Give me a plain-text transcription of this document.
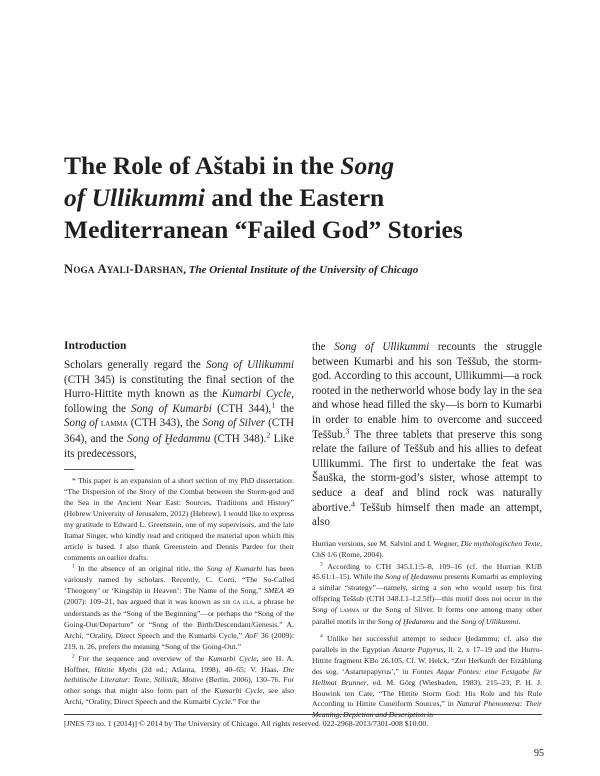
The Role of Aštabi in the Song
of Ullikummi and the Eastern
Mediterranean “Failed God” Stories
Noga Ayali-Darshan, The Oriental Institute of the University of Chicago
Introduction

Scholars generally regard the Song of Ullikummi (CTH 345) is constituting the final section of the Hurro-Hittite myth known as the Kumarbi Cycle, following the Song of Kumarbi (CTH 344),$^1$ the Song of lamma (CTH 343), the Song of Silver (CTH 364), and the Song of Ḫedammu (CTH 348).$^2$ Like its predecessors,

* This paper is an expansion of a short section of my PhD dissertation: “The Dispersion of the Story of the Combat between the Storm-god and the Sea in the Ancient Near East: Sources, Traditions and History” (Hebrew University of Jerusalem, 2012) (Hebrew). I would like to express my gratitude to Edward L. Greenstein, one of my supervisors, and the late Itamar Singer, who kindly read and critiqued the material upon which this article is based. I also thank Greenstein and Dennis Pardee for their comments on earlier drafts.

$^1$ In the absence of an original title, the Song of Kumarbi has been variously named by scholars. Recently, C. Corti, “The So-Called ‘Theogony’ or ‘Kingship in Heaven’: The Name of the Song,” SMEA 49 (2007): 109–21, has argued that it was known as sir ga ula, a phrase he understands as the “Song of the Beginning”—or perhaps the “Song of the Going-Out/Departure” or “Song of the Birth/Descendant/Genesis.” A. Archi, “Orality, Direct Speech and the Kumarbi Cycle,” AoF 36 (2009): 219, n. 26, prefers the meaning “Song of the Going-Out.”

$^2$ For the sequence and overview of the Kumarbi Cycle, see H. A. Hoffner, Hittite Myths (2d ed.; Atlanta, 1998), 40–65; V. Haas, Die hethitische Literatur: Texte, Stilistik, Motive (Berlin, 2006), 130–76. For other songs that might also form part of the Kumarbi Cycle, see also Archi, “Orality, Direct Speech and the Kumarbi Cycle.” For the

the Song of Ullikummi recounts the struggle between Kumarbi and his son Teššub, the storm-god. According to this account, Ullikummi—a rock rooted in the netherworld whose body lay in the sea and whose head filled the sky—is born to Kumarbi in order to enable him to overcome and succeed Teššub.$^3$ The three tablets that preserve this song relate the failure of Teššub and his allies to defeat Ullikummi. The first to undertake the feat was Šauška, the storm-god’s sister, whose attempt to seduce a deaf and blind rock was naturally abortive.$^4$ Teššub himself then made an attempt, also

Hurrian versions, see M. Salvini and I. Wegner, Die mythologischen Texte, ChS 1/6 (Rome, 2004).

$^3$ According to CTH 345.I.1:5–8, 109–16 (cf. the Hurrian KUB 45.61:1–15). While the Song of Ḫedammu presents Kumarbi as employing a similar “strategy”—namely, siring a son who would usurp his first offspring Teššub (CTH 348.I.1–I.2.5ff)—this motif does not occur in the Song of lamma or the Song of Silver. It forms one among many other parallel motifs in the Song of Ḫedammu and the Song of Ullikummi.

$^4$ Unlike her successful attempt to seduce Ḫedammu; cf. also the parallels in the Egyptian Astarte Papyrus, ll. 2, x 17–19 and the Hurro-Hittite fragment KBo 26.105. Cf. W. Helck, “Zur Herkunft der Erzählung des sog. ‘Astartepapyrus’,” in Fontes Atque Pontes: eine Festgabe für Hellmut Brunner, ed. M. Görg (Wiesbaden, 1983), 215–23; P. H. J. Houwink ten Cate, “The Hittite Storm God: His Role and his Rule According to Hittite Cuneiform Sources,” in Natural Phenomena: Their Meaning, Depiction and Description in

[JNES 73 no. 1 (2014)] © 2014 by The University of Chicago. All rights reserved. 022-2968-2013/7301-008 $10.00.
95
